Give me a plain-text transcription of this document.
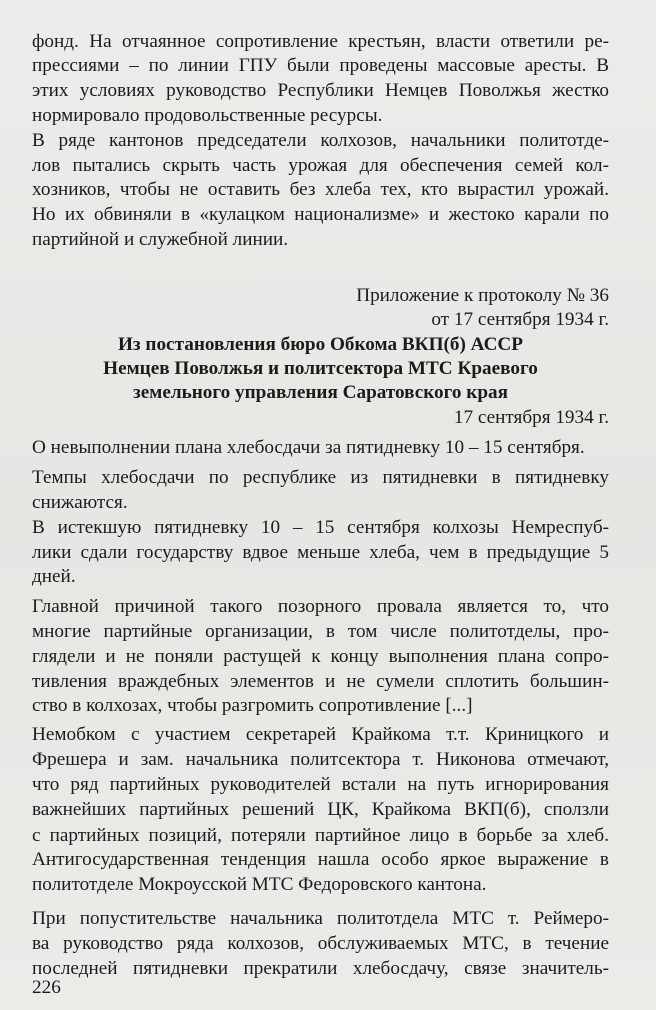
фонд. На отчаянное сопротивление крестьян, власти ответили ре-
прессиями – по линии ГПУ были проведены массовые аресты. В
этих условиях руководство Республики Немцев Поволжья жестко
нормировало продовольственные ресурсы.
В ряде кантонов председатели колхозов, начальники политотде-
лов пытались скрыть часть урожая для обеспечения семей кол-
хозников, чтобы не оставить без хлеба тех, кто вырастил урожай.
Но их обвиняли в «кулацком национализме» и жестоко карали по
партийной и служебной линии.
Приложение к протоколу № 36
от 17 сентября 1934 г.
Из постановления бюро Обкома ВКП(б) АССР
Немцев Поволжья и политсектора МТС Краевого
земельного управления Саратовского края
17 сентября 1934 г.
О невыполнении плана хлебосдачи за пятидневку 10 – 15 сентября.
Темпы хлебосдачи по республике из пятидневки в пятидневку
снижаются.
В истекшую пятидневку 10 – 15 сентября колхозы Немреспуб-
лики сдали государству вдвое меньше хлеба, чем в предыдущие 5
дней.
Главной причиной такого позорного провала является то, что
многие партийные организации, в том числе политотделы, про-
глядели и не поняли растущей к концу выполнения плана сопро-
тивления враждебных элементов и не сумели сплотить большин-
ство в колхозах, чтобы разгромить сопротивление [...]
Немобком с участием секретарей Крайкома т.т. Криницкого и
Фрешера и зам. начальника политсектора т. Никонова отмечают,
что ряд партийных руководителей встали на путь игнорирования
важнейших партийных решений ЦК, Крайкома ВКП(б), сползли
с партийных позиций, потеряли партийное лицо в борьбе за хлеб.
Антигосударственная тенденция нашла особо яркое выражение в
политотделе Мокроусской МТС Федоровского кантона.
При попустительстве начальника политотдела МТС т. Реймеро-
ва руководство ряда колхозов, обслуживаемых МТС, в течение
последней пятидневки прекратили хлебосдачу, связе значитель-
226
